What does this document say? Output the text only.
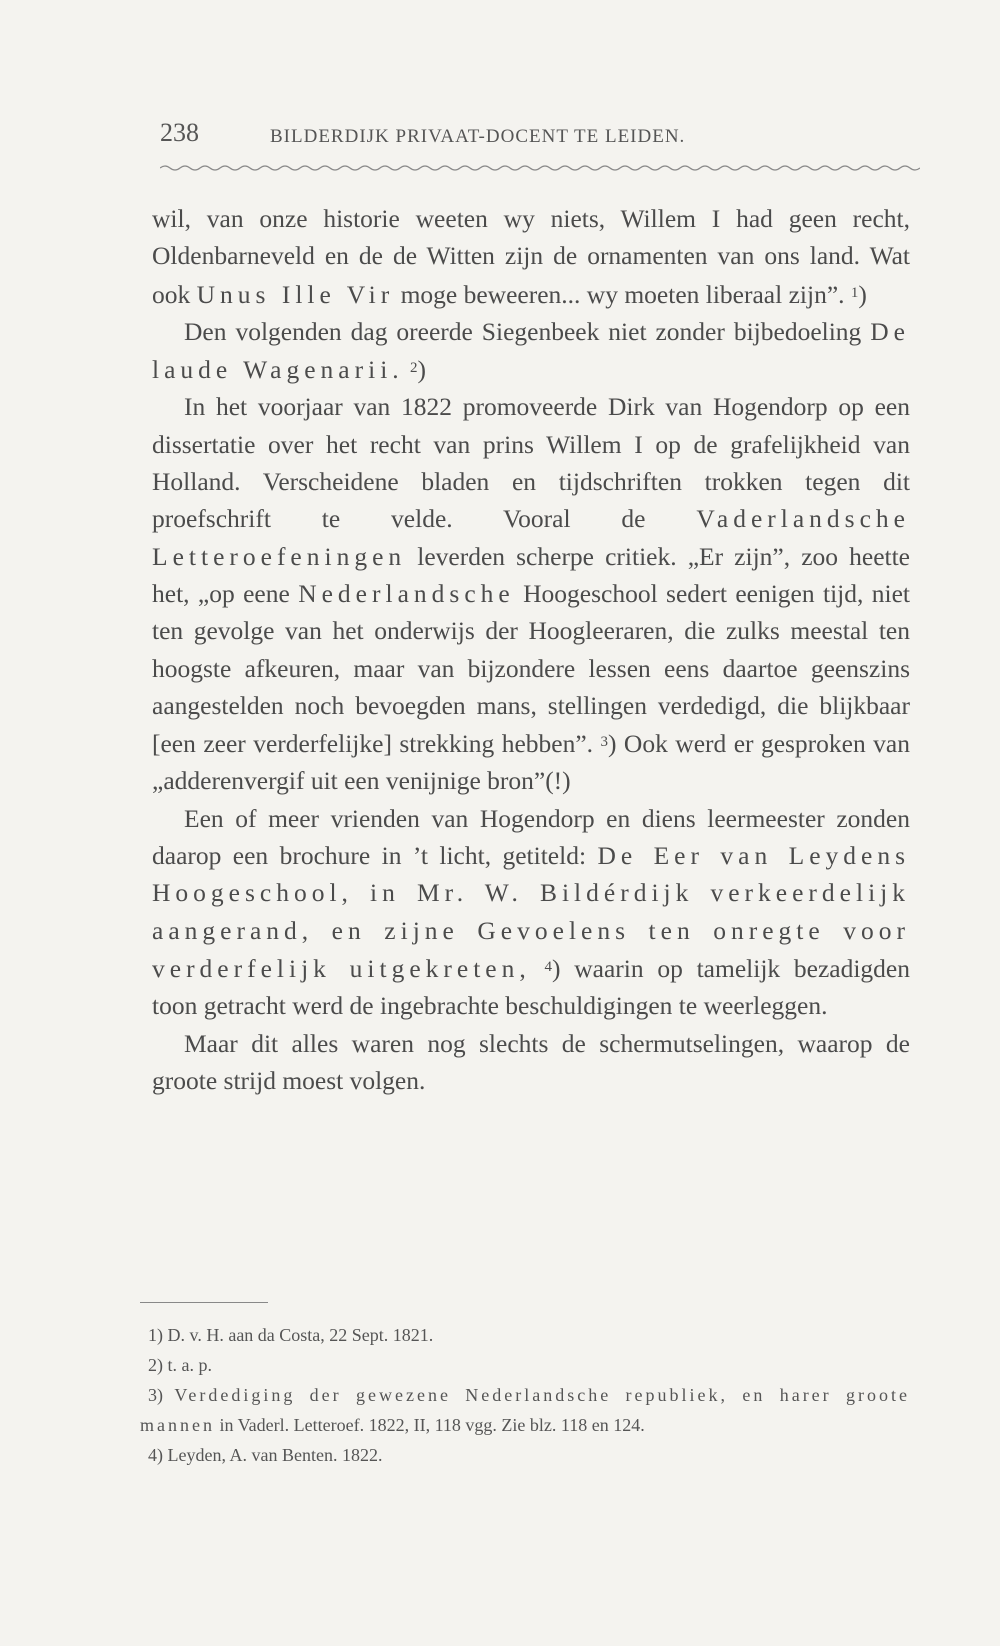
238	BILDERDIJK PRIVAAT-DOCENT TE LEIDEN.

wil, van onze historie weeten wy niets, Willem I had geen recht, Oldenbarneveld en de de Witten zijn de ornamenten van ons land. Wat ook Unus Ille Vir moge beweeren... wy moeten liberaal zijn”. $^1$)

Den volgenden dag oreerde Siegenbeek niet zonder bijbedoeling De laude Wagenarii. $^2$)

In het voorjaar van 1822 promoveerde Dirk van Hogendorp op een dissertatie over het recht van prins Willem I op de grafelijkheid van Holland. Verscheidene bladen en tijdschriften trokken tegen dit proefschrift te velde. Vooral de Vaderlandsche Letteroefeningen leverden scherpe critiek. „Er zijn”, zoo heette het, „op eene Nederlandsche Hoogeschool sedert eenigen tijd, niet ten gevolge van het onderwijs der Hoogleeraren, die zulks meestal ten hoogste afkeuren, maar van bijzondere lessen eens daartoe geenszins aangestelden noch bevoegden mans, stellingen verdedigd, die blijkbaar [een zeer verderfelijke] strekking hebben”. $^3$) Ook werd er gesproken van „adderenvergif uit een venijnige bron”(!)

Een of meer vrienden van Hogendorp en diens leermeester zonden daarop een brochure in ’t licht, getiteld: De Eer van Leydens Hoogeschool, in Mr. W. Bildérdijk verkeerdelijk aangerand, en zijne Gevoelens ten onregte voor verderfelijk uitgekreten, $^4$) waarin op tamelijk bezadigden toon getracht werd de ingebrachte beschuldigingen te weerleggen.

Maar dit alles waren nog slechts de schermutselingen, waarop de groote strijd moest volgen.

1) D. v. H. aan da Costa, 22 Sept. 1821.

2) t. a. p.

3) Verdediging der gewezene Nederlandsche republiek, en harer groote mannen in Vaderl. Letteroef. 1822, II, 118 vgg. Zie blz. 118 en 124.

4) Leyden, A. van Benten. 1822.
